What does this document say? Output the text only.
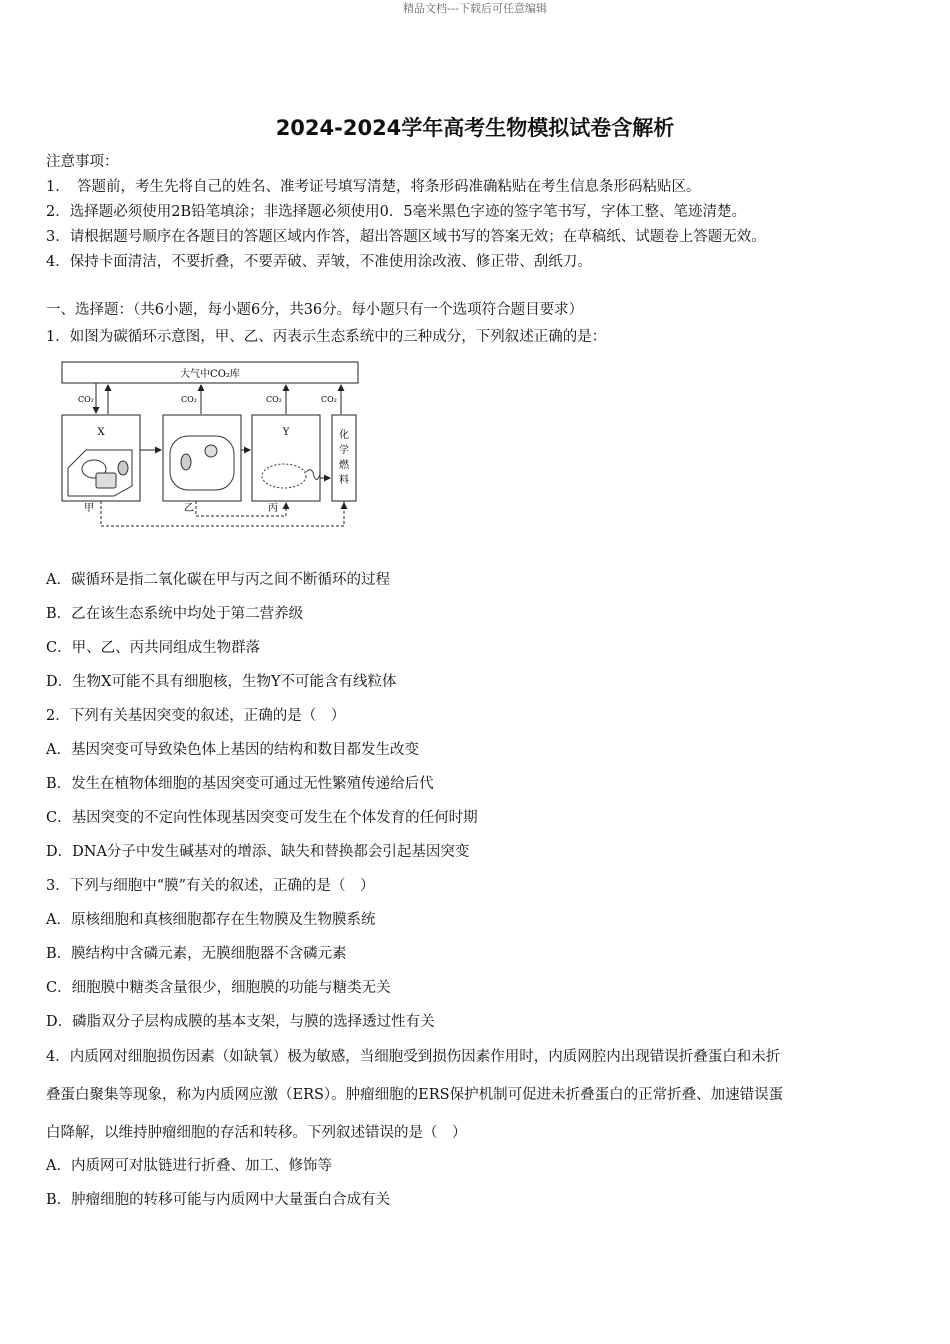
精品文档---下载后可任意编辑
2024-2024学年高考生物模拟试卷含解析
注意事项：
1．　答题前，考生先将自己的姓名、准考证号填写清楚，将条形码准确粘贴在考生信息条形码粘贴区。
2．选择题必须使用2B铅笔填涂；非选择题必须使用0．5毫米黑色字迹的签字笔书写，字体工整、笔迹清楚。
3．请根据题号顺序在各题目的答题区域内作答，超出答题区域书写的答案无效；在草稿纸、试题卷上答题无效。
4．保持卡面清洁，不要折叠，不要弄破、弄皱，不准使用涂改液、修正带、刮纸刀。
一、选择题：（共6小题，每小题6分，共36分。每小题只有一个选项符合题目要求）
1．如图为碳循环示意图，甲、乙、丙表示生态系统中的三种成分，下列叙述正确的是：
大气中CO₂库
CO₂	CO₂	CO₂	CO₂
X	Y	化
学
燃
料
甲	乙	丙
A．碳循环是指二氧化碳在甲与丙之间不断循环的过程
B．乙在该生态系统中均处于第二营养级
C．甲、乙、丙共同组成生物群落
D．生物X可能不具有细胞核，生物Y不可能含有线粒体
2．下列有关基因突变的叙述，正确的是（　）
A．基因突变可导致染色体上基因的结构和数目都发生改变
B．发生在植物体细胞的基因突变可通过无性繁殖传递给后代
C．基因突变的不定向性体现基因突变可发生在个体发育的任何时期
D．DNA分子中发生碱基对的增添、缺失和替换都会引起基因突变
3．下列与细胞中“膜”有关的叙述，正确的是（　）
A．原核细胞和真核细胞都存在生物膜及生物膜系统
B．膜结构中含磷元素，无膜细胞器不含磷元素
C．细胞膜中糖类含量很少，细胞膜的功能与糖类无关
D．磷脂双分子层构成膜的基本支架，与膜的选择透过性有关
4．内质网对细胞损伤因素（如缺氧）极为敏感，当细胞受到损伤因素作用时，内质网腔内出现错误折叠蛋白和未折
叠蛋白聚集等现象，称为内质网应激（ERS）。肿瘤细胞的ERS保护机制可促进未折叠蛋白的正常折叠、加速错误蛋
白降解，以维持肿瘤细胞的存活和转移。下列叙述错误的是（　）
A．内质网可对肽链进行折叠、加工、修饰等
B．肿瘤细胞的转移可能与内质网中大量蛋白合成有关
